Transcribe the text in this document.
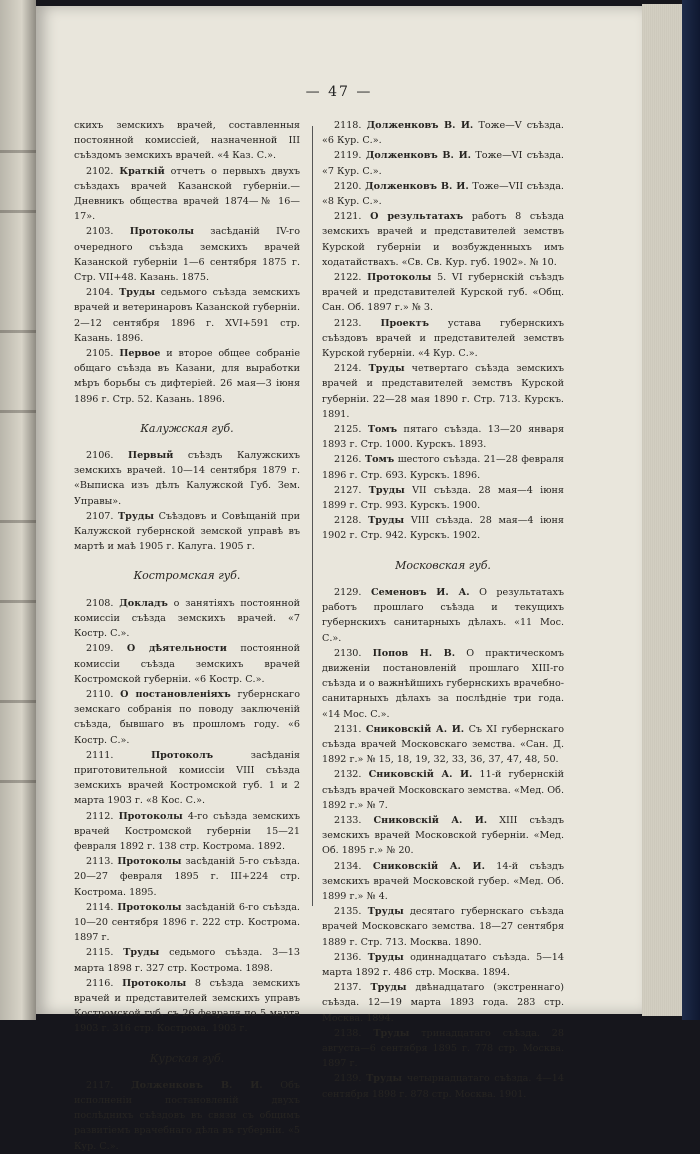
— 47 —

скихъ земскихъ врачей, составленныя постоянной комиссiей, назначенной III съѣздомъ земскихъ врачей. «4 Каз. С.».

2102. Краткiй отчетъ о первыхъ двухъ съѣздахъ врачей Казанской губернiи.—Дневникъ общества врачей 1874—№ 16—17».

2103. Протоколы засѣданiй IV-го очередного съѣзда земскихъ врачей Казанской губернiи 1—6 сентября 1875 г. Стр. VII+48. Казань. 1875.

2104. Труды седьмого съѣзда земскихъ врачей и ветеринаровъ Казанской губернiи. 2—12 сентября 1896 г. XVI+591 стр. Казань. 1896.

2105. Первое и второе общее собранiе общаго съѣзда въ Казани, для выработки мѣръ борьбы съ дифтерiей. 26 мая—3 iюня 1896 г. Стр. 52. Казань. 1896.

Калужская губ.

2106. Первый съѣздъ Калужскихъ земскихъ врачей. 10—14 сентября 1879 г. «Выписка изъ дѣлъ Калужской Губ. Зем. Управы».

2107. Труды Съѣздовъ и Совѣщанiй при Калужской губернской земской управѣ въ мартѣ и маѣ 1905 г. Калуга. 1905 г.

Костромская губ.

2108. Докладъ о занятiяхъ постоянной комиссiи съѣзда земскихъ врачей. «7 Костр. С.».

2109. О дѣятельности постоянной комиссiи съѣзда земскихъ врачей Костромской губернiи. «6 Костр. С.».

2110. О постановленiяхъ губернскаго земскаго собранiя по поводу заключенiй съѣзда, бывшаго въ прошломъ году. «6 Костр. С.».

2111.	Протоколъ	засѣданiя приготовительной комиссiи VIII съѣзда земскихъ врачей Костромской губ. 1 и 2 марта 1903 г. «8 Кос. С.».

2112. Протоколы 4-го съѣзда земскихъ врачей Костромской губернiи 15—21 февраля 1892 г. 138 стр. Кострома. 1892.

2113. Протоколы засѣданiй 5-го съѣзда. 20—27 февраля 1895 г. III+224 стр. Кострома. 1895.

2114. Протоколы засѣданiй 6-го съѣзда. 10—20 сентября 1896 г. 222 стр. Кострома. 1897 г.

2115. Труды седьмого съѣзда. 3—13 марта 1898 г. 327 стр. Кострома. 1898.

2116. Протоколы 8 съѣзда земскихъ врачей и представителей земскихъ управъ Костромской губ. съ 26 февраля по 5 марта 1903 г. 316 стр. Кострома. 1903 г.

Курская губ.

2117. Долженковъ В. И. Объ исполненiи постановленiй двухъ послѣднихъ съѣздовъ въ связи съ общимъ развитiемъ врачебнаго дѣла въ губернiи. «5 Кур. С.».

2118. Долженковъ В. И. Тоже—V съѣзда. «6 Кур. С.».

2119. Долженковъ В. И. Тоже—VI съѣзда. «7 Кур. С.».

2120. Долженковъ В. И. Тоже—VII съѣзда. «8 Кур. С.».

2121. О результатахъ работъ 8 съѣзда земскихъ врачей и представителей земствъ Курской губернiи и возбужденныхъ имъ ходатайствахъ. «Св. Св. Кур. губ. 1902». № 10.

2122. Протоколы 5. VI губернскiй съѣздъ врачей и представителей Курской губ. «Общ. Сан. Об. 1897 г.» № 3.

2123. Проектъ устава губернскихъ съѣздовъ врачей и представителей земствъ Курской губернiи. «4 Кур. С.».

2124. Труды четвертаго съѣзда земскихъ врачей и представителей земствъ Курской губернiи. 22—28 мая 1890 г. Стр. 713. Курскъ. 1891.

2125. Томъ пятаго съѣзда. 13—20 января 1893 г. Стр. 1000. Курскъ. 1893.

2126. Томъ шестого съѣзда. 21—28 февраля 1896 г. Стр. 693. Курскъ. 1896.

2127. Труды VII съѣзда. 28 мая—4 iюня 1899 г. Стр. 993. Курскъ. 1900.

2128. Труды VIII съѣзда. 28 мая—4 iюня 1902 г. Стр. 942. Курскъ. 1902.

Московская губ.

2129. Семеновъ И. А. О результатахъ работъ прошлаго съѣзда и текущихъ губернскихъ санитарныхъ дѣлахъ. «11 Мос. С.».

2130. Попов Н. В. О практическомъ движенiи постановленiй прошлаго XIII-го съѣзда и о важнѣйшихъ губернскихъ врачебно-санитарныхъ дѣлахъ за послѣднiе три года. «14 Мос. С.».

2131. Сниковскiй А. И. Съ XI губернскаго съѣзда врачей Московскаго земства. «Сан. Д. 1892 г.» № 15, 18, 19, 32, 33, 36, 37, 47, 48, 50.

2132. Сниковскiй А. И. 11-й губернскiй съѣздъ врачей Московскаго земства. «Мед. Об. 1892 г.» № 7.

2133. Сниковскiй А. И. XIII съѣздъ земскихъ врачей Московской губернiи. «Мед. Об. 1895 г.» № 20.

2134. Сниковскiй А. И. 14-й съѣздъ земскихъ врачей Московской губер. «Мед. Об. 1899 г.» № 4.

2135. Труды десятаго губернскаго съѣзда врачей Московскаго земства. 18—27 сентября 1889 г. Стр. 713. Москва. 1890.

2136. Труды одиннадцатаго съѣзда. 5—14 марта 1892 г. 486 стр. Москва. 1894.

2137. Труды двѣнадцатаго (экстреннаго) съѣзда. 12—19 марта 1893 года. 283 стр. Москва. 1894.

2138. Труды тринадцатаго съѣзда. 28 августа—6 сентября 1895 г. 778 стр. Москва. 1897 г.

2139. Труды четырнадцатаго съѣзда. 4—14 сентября 1898 г. 878 стр. Москва. 1901.
